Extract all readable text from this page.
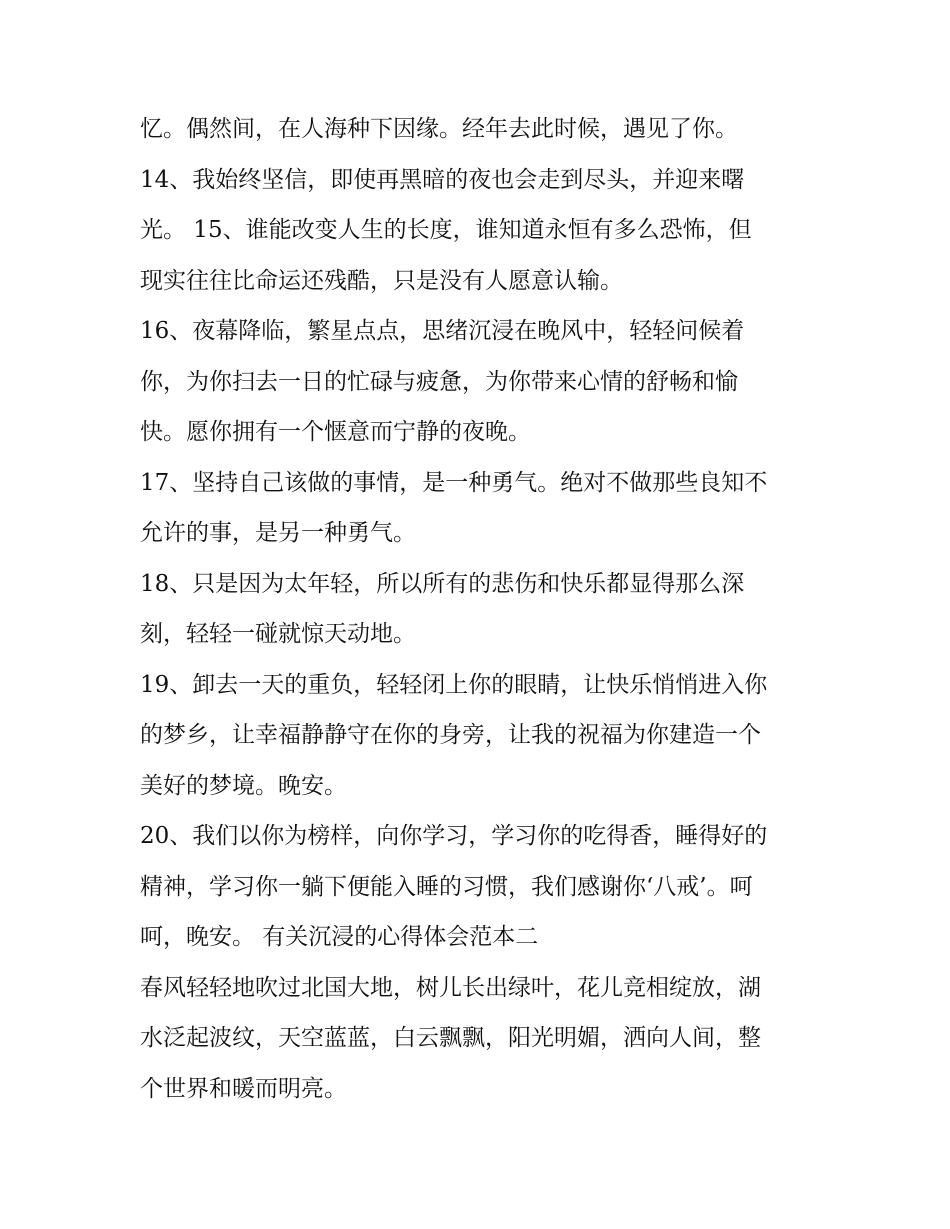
忆。偶然间，在人海种下因缘。经年去此时候，遇见了你。
14、我始终坚信，即使再黑暗的夜也会走到尽头，并迎来曙
光。 15、谁能改变人生的长度，谁知道永恒有多么恐怖，但
现实往往比命运还残酷，只是没有人愿意认输。
16、夜幕降临，繁星点点，思绪沉浸在晚风中，轻轻问候着
你，为你扫去一日的忙碌与疲惫，为你带来心情的舒畅和愉
快。愿你拥有一个惬意而宁静的夜晚。
17、坚持自己该做的事情，是一种勇气。绝对不做那些良知不
允许的事，是另一种勇气。
18、只是因为太年轻，所以所有的悲伤和快乐都显得那么深
刻，轻轻一碰就惊天动地。
19、卸去一天的重负，轻轻闭上你的眼睛，让快乐悄悄进入你
的梦乡，让幸福静静守在你的身旁，让我的祝福为你建造一个
美好的梦境。晚安。
20、我们以你为榜样，向你学习，学习你的吃得香，睡得好的
精神，学习你一躺下便能入睡的习惯，我们感谢你‘八戒’。呵
呵，晚安。 有关沉浸的心得体会范本二
春风轻轻地吹过北国大地，树儿长出绿叶，花儿竞相绽放，湖
水泛起波纹，天空蓝蓝，白云飘飘，阳光明媚，洒向人间，整
个世界和暖而明亮。
